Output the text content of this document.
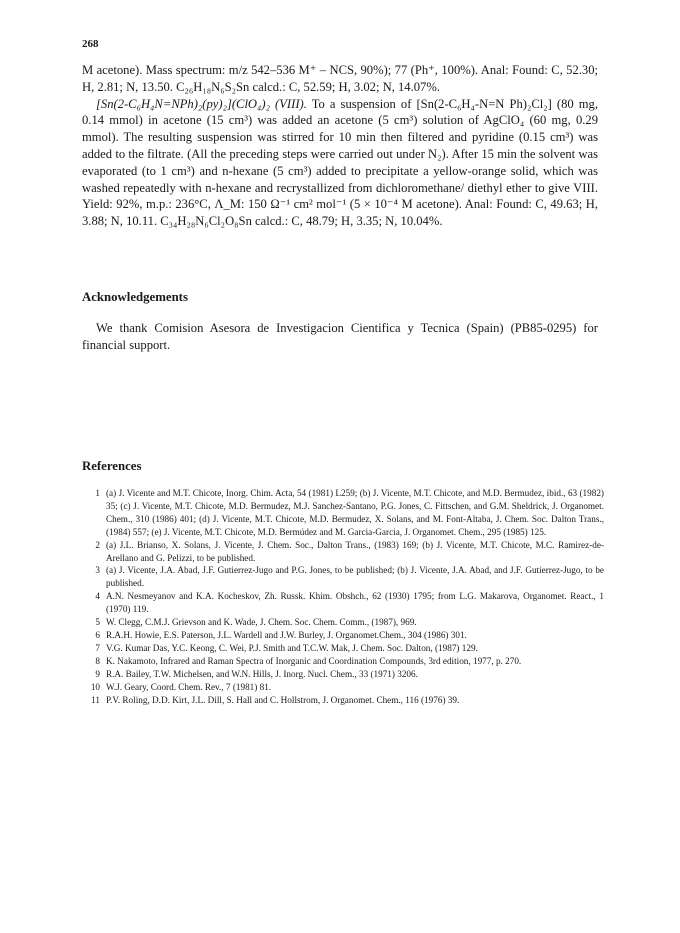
268

M acetone). Mass spectrum: m/z 542–536 M⁺ – NCS, 90%); 77 (Ph⁺, 100%). Anal: Found: C, 52.30; H, 2.81; N, 13.50. C₂₆H₁₈N₆S₂Sn calcd.: C, 52.59; H, 3.02; N, 14.07%.

[Sn(2-C₆H₄N=NPh)₂(py)₂](ClO₄)₂ (VIII). To a suspension of [Sn(2-C₆H₄-N=N Ph)₂Cl₂] (80 mg, 0.14 mmol) in acetone (15 cm³) was added an acetone (5 cm³) solution of AgClO₄ (60 mg, 0.29 mmol). The resulting suspension was stirred for 10 min then filtered and pyridine (0.15 cm³) was added to the filtrate. (All the preceding steps were carried out under N₂). After 15 min the solvent was evaporated (to 1 cm³) and n-hexane (5 cm³) added to precipitate a yellow-orange solid, which was washed repeatedly with n-hexane and recrystallized from dichloromethane/ diethyl ether to give VIII. Yield: 92%, m.p.: 236°C, Λ_M: 150 Ω⁻¹ cm² mol⁻¹ (5 × 10⁻⁴ M acetone). Anal: Found: C, 49.63; H, 3.88; N, 10.11. C₃₄H₂₈N₆Cl₂O₈Sn calcd.: C, 48.79; H, 3.35; N, 10.04%.

Acknowledgements

We thank Comision Asesora de Investigacion Cientifica y Tecnica (Spain) (PB85-0295) for financial support.

References
1 (a) J. Vicente and M.T. Chicote, Inorg. Chim. Acta, 54 (1981) L259; (b) J. Vicente, M.T. Chicote, and M.D. Bermudez, ibid., 63 (1982) 35; (c) J. Vicente, M.T. Chicote, M.D. Bermudez, M.J. Sanchez-Santano, P.G. Jones, C. Fittschen, and G.M. Sheldrick, J. Organomet. Chem., 310 (1986) 401; (d) J. Vicente, M.T. Chicote, M.D. Bermudez, X. Solans, and M. Font-Altaba, J. Chem. Soc. Dalton Trans., (1984) 557; (e) J. Vicente, M.T. Chicote, M.D. Bermúdez and M. Garcia-Garcia, J. Organomet. Chem., 295 (1985) 125.
2 (a) J.L. Brianso, X. Solans, J. Vicente, J. Chem. Soc., Dalton Trans., (1983) 169; (b) J. Vicente, M.T. Chicote, M.C. Ramirez-de-Arellano and G. Pelizzi, to be published.
3 (a) J. Vicente, J.A. Abad, J.F. Gutierrez-Jugo and P.G. Jones, to be published; (b) J. Vicente, J.A. Abad, and J.F. Gutierrez-Jugo, to be published.
4 A.N. Nesmeyanov and K.A. Kocheskov, Zh. Russk. Khim. Obshch., 62 (1930) 1795; from L.G. Makarova, Organomet. React., 1 (1970) 119.
5 W. Clegg, C.M.J. Grievson and K. Wade, J. Chem. Soc. Chem. Comm., (1987), 969.
6 R.A.H. Howie, E.S. Paterson, J.L. Wardell and J.W. Burley, J. Organomet.Chem., 304 (1986) 301.
7 V.G. Kumar Das, Y.C. Keong, C. Wei, P.J. Smith and T.C.W. Mak, J. Chem. Soc. Dalton, (1987) 129.
8 K. Nakamoto, Infrared and Raman Spectra of Inorganic and Coordination Compounds, 3rd edition, 1977, p. 270.
9 R.A. Bailey, T.W. Michelsen, and W.N. Hills, J. Inorg. Nucl. Chem., 33 (1971) 3206.
10 W.J. Geary, Coord. Chem. Rev., 7 (1981) 81.
11 P.V. Roling, D.D. Kirt, J.L. Dill, S. Hall and C. Hollstrom, J. Organomet. Chem., 116 (1976) 39.
